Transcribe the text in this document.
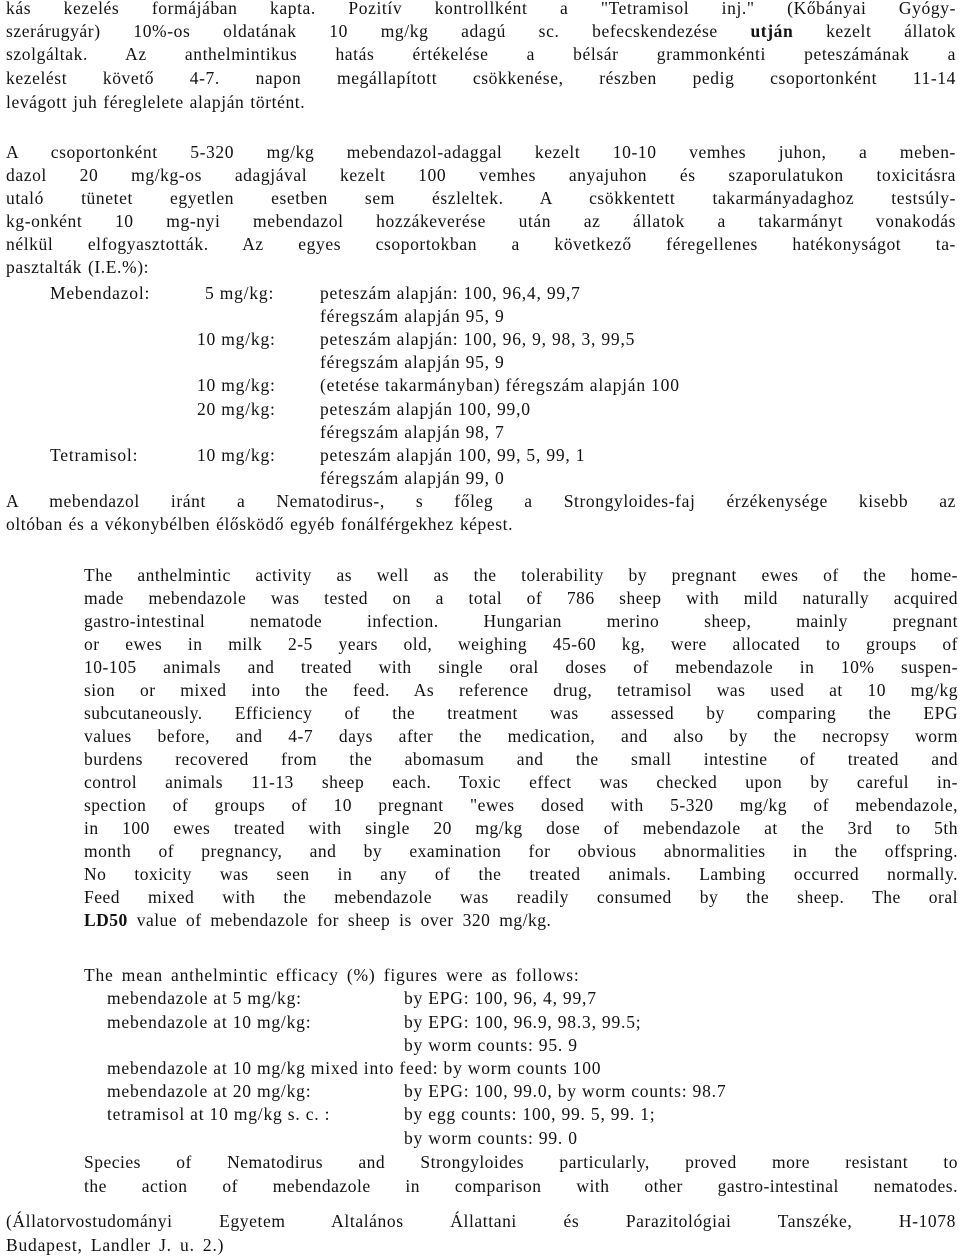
kás kezelés formájában kapta. Pozitív kontrollként a "Tetramisol inj." (Kőbányai Gyógy-
szerárugyár) 10%-os oldatának 10 mg/kg adagú sc. befecskendezése utján kezelt állatok
szolgáltak. Az anthelmintikus hatás értékelése a bélsár grammonkénti peteszámának a
kezelést követő 4-7. napon megállapított csökkenése, részben pedig csoportonként 11-14
levágott juh féreglelete alapján történt.
A csoportonként 5-320 mg/kg mebendazol-adaggal kezelt 10-10 vemhes juhon, a meben-
dazol 20 mg/kg-os adagjával kezelt 100 vemhes anyajuhon és szaporulatukon toxicitásra
utaló tünetet egyetlen esetben sem észleltek. A csökkentett takarmányadaghoz testsúly-
kg-onként 10 mg-nyi mebendazol hozzákeverése után az állatok a takarmányt vonakodás
nélkül elfogyasztották. Az egyes csoportokban a következő féregellenes hatékonyságot ta-
pasztalták (I.E.%):
Mebendazol:	5 mg/kg:	peteszám alapján: 100, 96,4, 99,7
féregszám alapján 95, 9
10 mg/kg:	peteszám alapján: 100, 96, 9, 98, 3, 99,5
féregszám alapján 95, 9
10 mg/kg:	(etetése takarmányban) féregszám alapján 100
20 mg/kg:	peteszám alapján 100, 99,0
féregszám alapján 98, 7
Tetramisol:	10 mg/kg:	peteszám alapján 100, 99, 5, 99, 1
féregszám alapján 99, 0
A mebendazol iránt a Nematodirus-, s főleg a Strongyloides-faj érzékenysége kisebb az
oltóban és a vékonybélben élősködő egyéb fonálférgekhez képest.
The anthelmintic activity as well as the tolerability by pregnant ewes of the home-
made mebendazole was tested on a total of 786 sheep with mild naturally acquired
gastro-intestinal nematode infection. Hungarian merino sheep, mainly pregnant
or ewes in milk 2-5 years old, weighing 45-60 kg, were allocated to groups of
10-105 animals and treated with single oral doses of mebendazole in 10% suspen-
sion or mixed into the feed. As reference drug, tetramisol was used at 10 mg/kg
subcutaneously. Efficiency of the treatment was assessed by comparing the EPG
values before, and 4-7 days after the medication, and also by the necropsy worm
burdens recovered from the abomasum and the small intestine of treated and
control animals 11-13 sheep each. Toxic effect was checked upon by careful in-
spection of groups of 10 pregnant "ewes dosed with 5-320 mg/kg of mebendazole,
in 100 ewes treated with single 20 mg/kg dose of mebendazole at the 3rd to 5th
month of pregnancy, and by examination for obvious abnormalities in the offspring.
No toxicity was seen in any of the treated animals. Lambing occurred normally.
Feed mixed with the mebendazole was readily consumed by the sheep. The oral
LD50 value of mebendazole for sheep is over 320 mg/kg.
The mean anthelmintic efficacy (%) figures were as follows:
mebendazole at 5 mg/kg:	by EPG: 100, 96, 4, 99,7
mebendazole at 10 mg/kg:	by EPG: 100, 96.9, 98.3, 99.5;
by worm counts: 95. 9
mebendazole at 10 mg/kg mixed into feed: by worm counts 100
mebendazole at 20 mg/kg:	by EPG: 100, 99.0, by worm counts: 98.7
tetramisol at 10 mg/kg s. c. :	by egg counts: 100, 99. 5, 99. 1;
by worm counts: 99. 0
Species of Nematodirus and Strongyloides particularly, proved more resistant to
the action of mebendazole in comparison with other gastro-intestinal nematodes.
(Állatorvostudományi Egyetem Altalános Állattani és Parazitológiai Tanszéke, H-1078
Budapest, Landler J. u. 2.)
